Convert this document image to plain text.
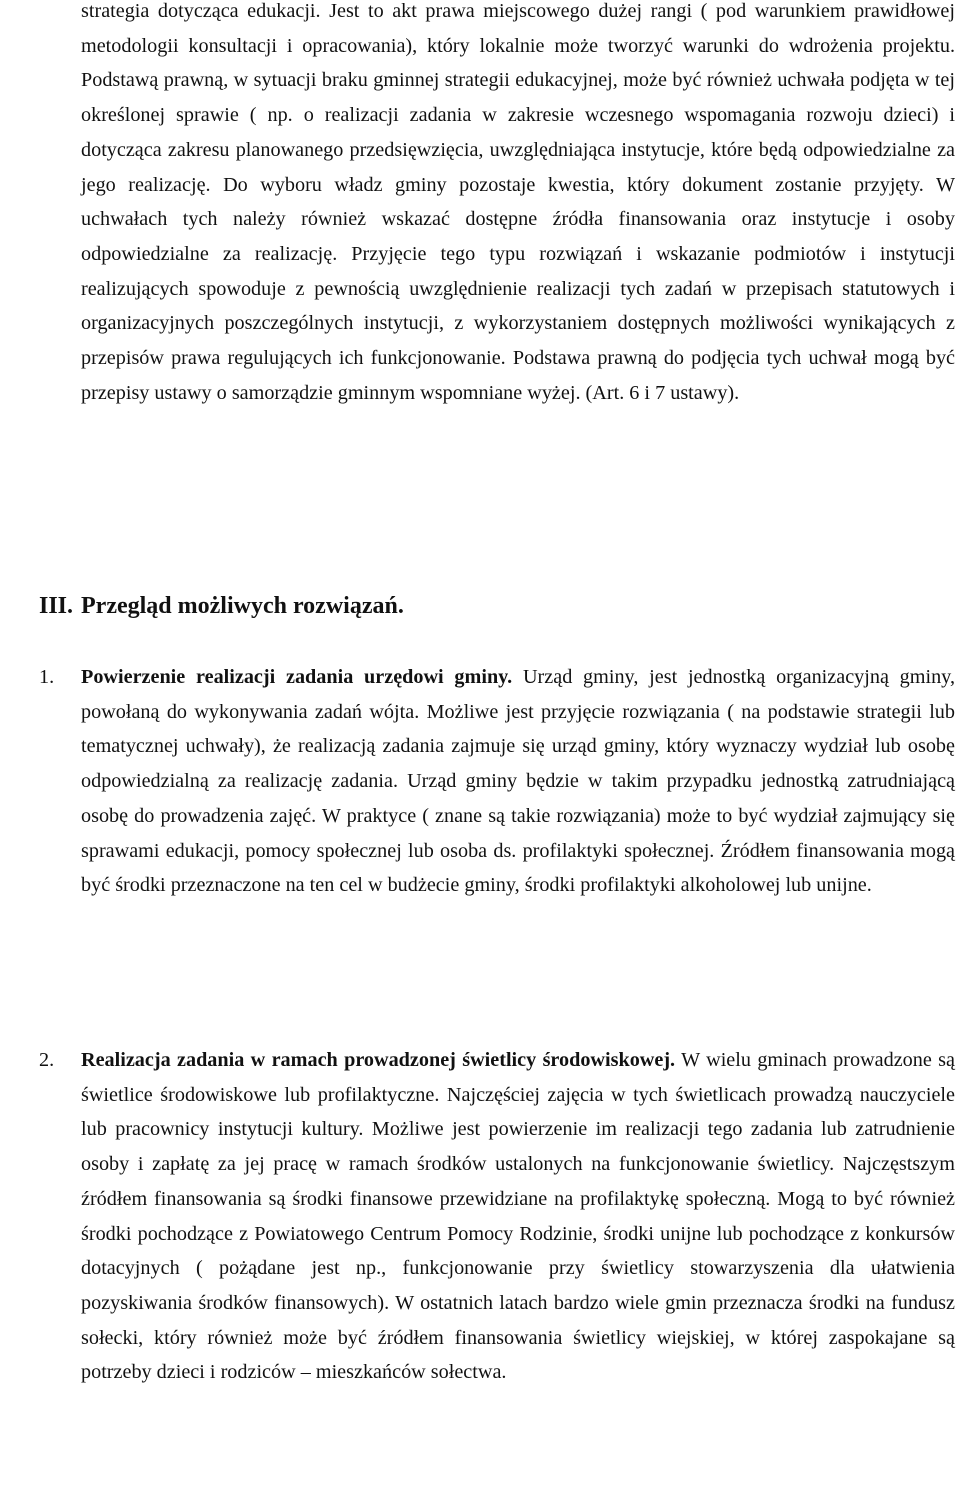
strategia dotycząca edukacji. Jest to akt prawa miejscowego dużej rangi ( pod warunkiem prawidłowej metodologii konsultacji i opracowania), który lokalnie może tworzyć warunki do wdrożenia projektu. Podstawą prawną, w sytuacji braku gminnej strategii edukacyjnej, może być również uchwała podjęta w tej określonej sprawie ( np. o realizacji zadania w zakresie wczesnego wspomagania rozwoju dzieci) i dotycząca zakresu planowanego przedsięwzięcia, uwzględniająca instytucje, które będą odpowiedzialne za jego realizację. Do wyboru władz gminy pozostaje kwestia, który dokument zostanie przyjęty. W uchwałach tych należy również wskazać dostępne źródła finansowania oraz instytucje i osoby odpowiedzialne za realizację. Przyjęcie tego typu rozwiązań i wskazanie podmiotów i instytucji realizujących spowoduje z pewnością uwzględnienie realizacji tych zadań w przepisach statutowych i organizacyjnych poszczególnych instytucji, z wykorzystaniem dostępnych możliwości wynikających z przepisów prawa regulujących ich funkcjonowanie. Podstawa prawną do podjęcia tych uchwał mogą być przepisy ustawy o samorządzie gminnym wspomniane wyżej. (Art. 6 i 7 ustawy).

III. Przegląd możliwych rozwiązań.
1. Powierzenie realizacji zadania urzędowi gminy. Urząd gminy, jest jednostką organizacyjną gminy, powołaną do wykonywania zadań wójta. Możliwe jest przyjęcie rozwiązania ( na podstawie strategii lub tematycznej uchwały), że realizacją zadania zajmuje się urząd gminy, który wyznaczy wydział lub osobę odpowiedzialną za realizację zadania. Urząd gminy będzie w takim przypadku jednostką zatrudniającą osobę do prowadzenia zajęć. W praktyce ( znane są takie rozwiązania) może to być wydział zajmujący się sprawami edukacji, pomocy społecznej lub osoba ds. profilaktyki społecznej. Źródłem finansowania mogą być środki przeznaczone na ten cel w budżecie gminy, środki profilaktyki alkoholowej lub unijne.

2. Realizacja zadania w ramach prowadzonej świetlicy środowiskowej. W wielu gminach prowadzone są świetlice środowiskowe lub profilaktyczne. Najczęściej zajęcia w tych świetlicach prowadzą nauczyciele lub pracownicy instytucji kultury. Możliwe jest powierzenie im realizacji tego zadania lub zatrudnienie osoby i zapłatę za jej pracę w ramach środków ustalonych na funkcjonowanie świetlicy. Najczęstszym źródłem finansowania są środki finansowe przewidziane na profilaktykę społeczną. Mogą to być również środki pochodzące z Powiatowego Centrum Pomocy Rodzinie, środki unijne lub pochodzące z konkursów dotacyjnych ( pożądane jest np., funkcjonowanie przy świetlicy stowarzyszenia dla ułatwienia pozyskiwania środków finansowych). W ostatnich latach bardzo wiele gmin przeznacza środki na fundusz sołecki, który również może być źródłem finansowania świetlicy wiejskiej, w której zaspokajane są potrzeby dzieci i rodziców – mieszkańców sołectwa.
